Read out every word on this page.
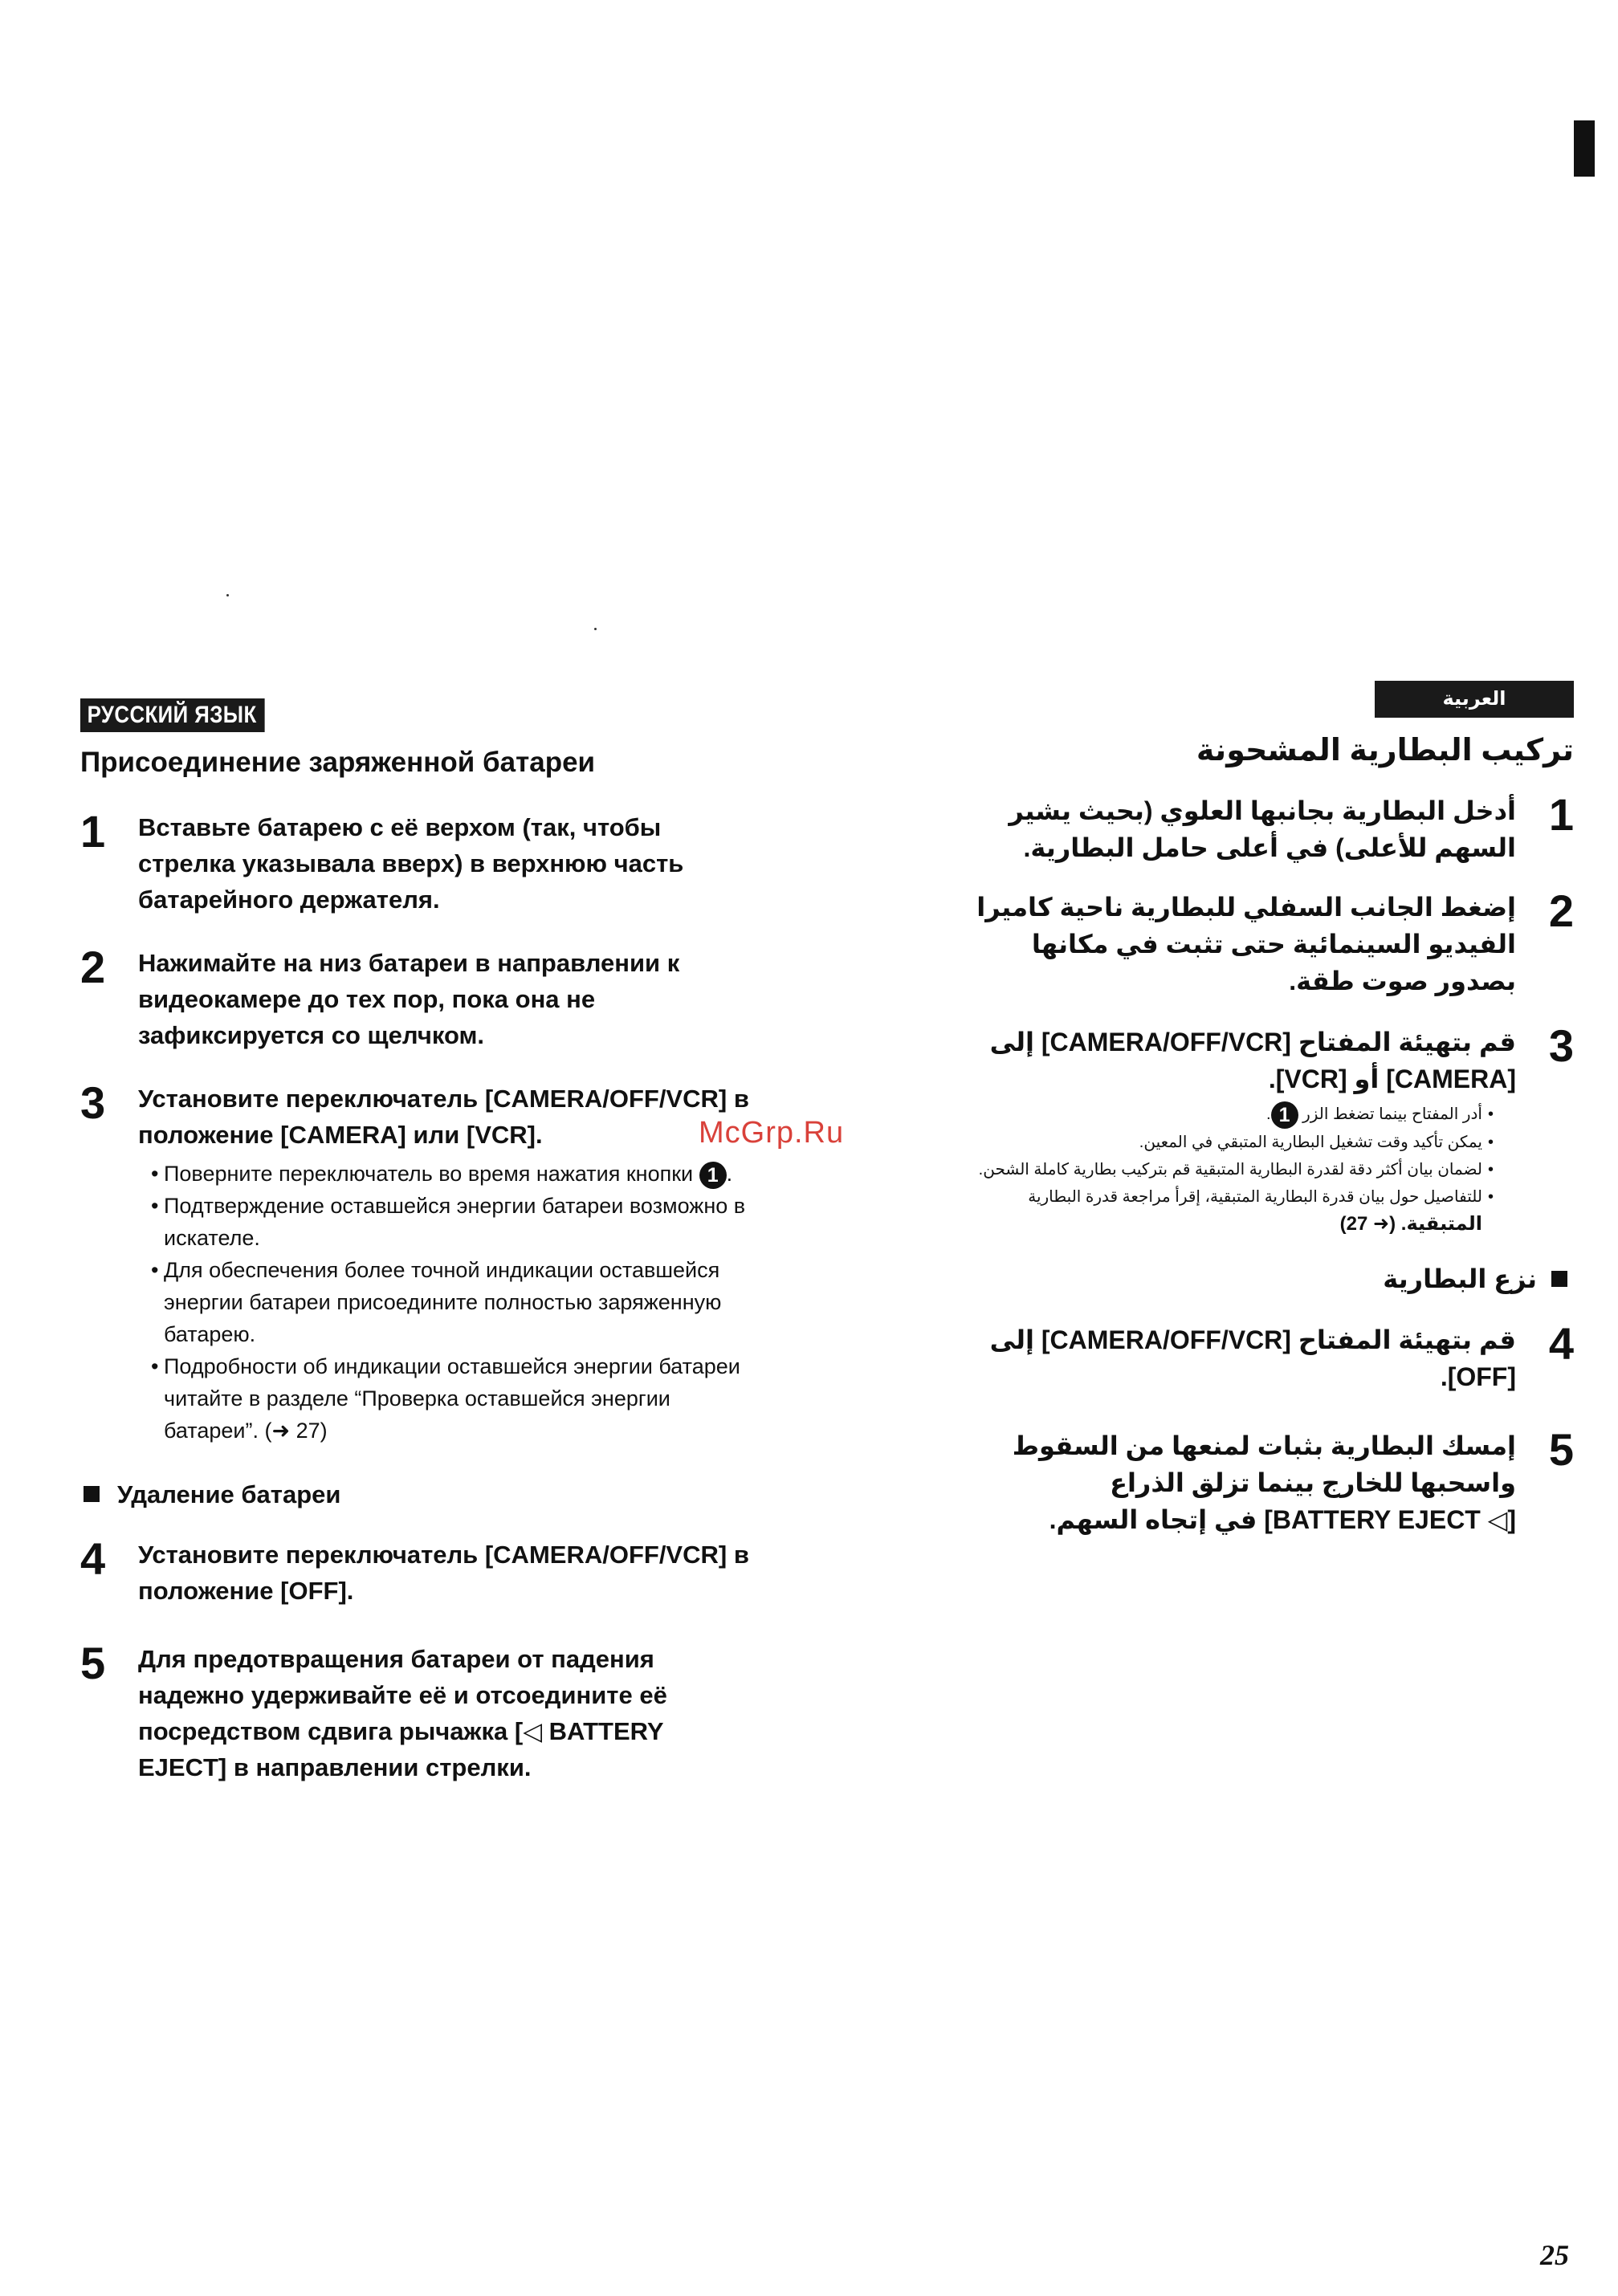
РУССКИЙ ЯЗЫК
Присоединение заряженной батареи
1 Вставьте батарею с её верхом (так, чтобы
стрелка указывала вверх) в верхнюю часть
батарейного держателя.
2 Нажимайте на низ батареи в направлении к
видеокамере до тех пор, пока она не
зафиксируется со щелчком.
3 Установите переключатель [CAMERA/OFF/VCR] в
положение [CAMERA] или [VCR].
• Поверните переключатель во время нажатия кнопки 1 .
• Подтверждение оставшейся энергии батареи возможно в
искателе.
• Для обеспечения более точной индикации оставшейся
энергии батареи присоедините полностью заряженную
батарею.
• Подробности об индикации оставшейся энергии батареи
читайте в разделе “Проверка оставшейся энергии
батареи”. (➜ 27)
Удаление батареи
4 Установите переключатель [CAMERA/OFF/VCR] в
положение [OFF].
5 Для предотвращения батареи от падения
надежно удерживайте её и отсоедините её
посредством сдвига рычажка [◁ BATTERY
EJECT] в направлении стрелки.
العربية
تركيب البطارية المشحونة
1
أدخل البطارية بجانبها العلوي (بحيث يشير
السهم للأعلى) في أعلى حامل البطارية.
2
إضغط الجانب السفلي للبطارية ناحية كاميرا
الفيديو السينمائية حتى تثبت في مكانها
بصدور صوت طقة.
3
قم بتهيئة المفتاح [CAMERA/OFF/VCR] إلى
[CAMERA] أو [VCR].
• أدر المفتاح بينما تضغط الزر 1.
• يمكن تأكيد وقت تشغيل البطارية المتبقي في المعين.
• لضمان بيان أكثر دقة لقدرة البطارية المتبقية قم بتركيب بطارية كاملة الشحن.
• للتفاصيل حول بيان قدرة البطارية المتبقية، إقرأ مراجعة قدرة البطارية
المتبقية. (➜ 27)
نزع البطارية
4
قم بتهيئة المفتاح [CAMERA/OFF/VCR] إلى
[OFF].
5
إمسك البطارية بثبات لمنعها من السقوط
واسحبها للخارج بينما تزلق الذراع
[◁ BATTERY EJECT] في إتجاه السهم.
McGrp.Ru
25
